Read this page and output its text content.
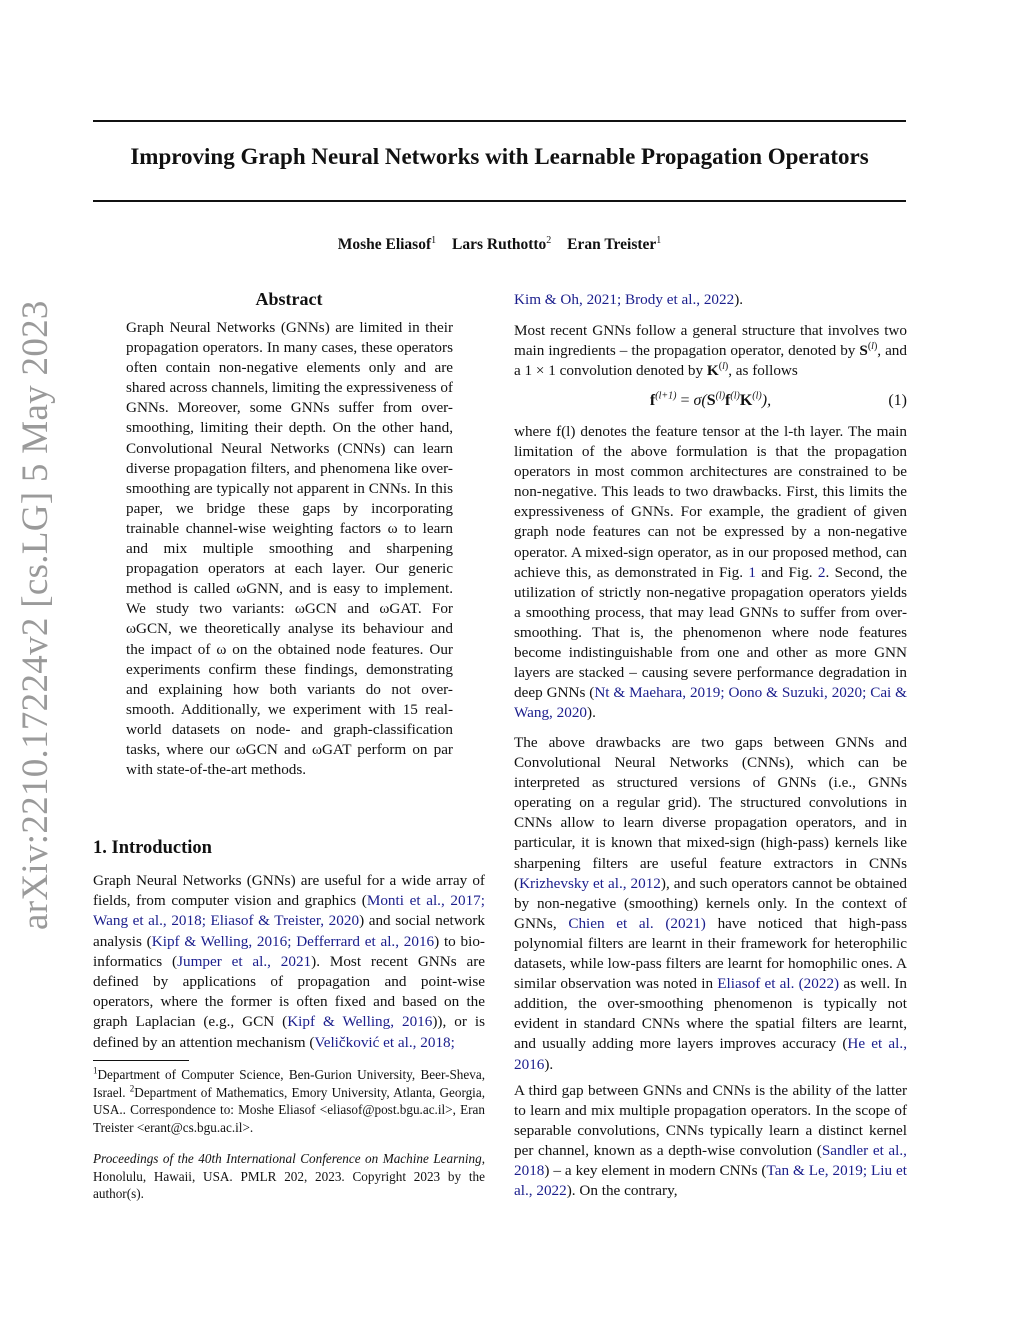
Improving Graph Neural Networks with Learnable Propagation Operators
Moshe Eliasof$^1$ Lars Ruthotto$^2$ Eran Treister$^1$
arXiv:2210.17224v2 [cs.LG] 5 May 2023
Abstract
Graph Neural Networks (GNNs) are limited in their propagation operators. In many cases, these operators often contain non-negative elements only and are shared across channels, limiting the expressiveness of GNNs. Moreover, some GNNs suffer from over-smoothing, limiting their depth. On the other hand, Convolutional Neural Networks (CNNs) can learn diverse propagation filters, and phenomena like over-smoothing are typically not apparent in CNNs. In this paper, we bridge these gaps by incorporating trainable channel-wise weighting factors ω to learn and mix multiple smoothing and sharpening propagation operators at each layer. Our generic method is called ωGNN, and is easy to implement. We study two variants: ωGCN and ωGAT. For ωGCN, we theoretically analyse its behaviour and the impact of ω on the obtained node features. Our experiments confirm these findings, demonstrating and explaining how both variants do not over-smooth. Additionally, we experiment with 15 real-world datasets on node- and graph-classification tasks, where our ωGCN and ωGAT perform on par with state-of-the-art methods.
1. Introduction
Graph Neural Networks (GNNs) are useful for a wide array of fields, from computer vision and graphics (Monti et al., 2017; Wang et al., 2018; Eliasof & Treister, 2020) and social network analysis (Kipf & Welling, 2016; Defferrard et al., 2016) to bio-informatics (Jumper et al., 2021). Most recent GNNs are defined by applications of propagation and point-wise operators, where the former is often fixed and based on the graph Laplacian (e.g., GCN (Kipf & Welling, 2016)), or is defined by an attention mechanism (Veličković et al., 2018;
$^1$Department of Computer Science, Ben-Gurion University, Beer-Sheva, Israel. $^2$Department of Mathematics, Emory University, Atlanta, Georgia, USA.. Correspondence to: Moshe Eliasof <eliasof@post.bgu.ac.il>, Eran Treister <erant@cs.bgu.ac.il>.
Proceedings of the 40th International Conference on Machine Learning, Honolulu, Hawaii, USA. PMLR 202, 2023. Copyright 2023 by the author(s).
Kim & Oh, 2021; Brody et al., 2022).
Most recent GNNs follow a general structure that involves two main ingredients – the propagation operator, denoted by $S^{(l)}$, and a 1 × 1 convolution denoted by $K^{(l)}$, as follows
$f^{(l+1)} = \sigma(S^{(l)}f^{(l)}K^{(l)})$,	(1)
where f(l) denotes the feature tensor at the l-th layer. The main limitation of the above formulation is that the propagation operators in most common architectures are constrained to be non-negative. This leads to two drawbacks. First, this limits the expressiveness of GNNs. For example, the gradient of given graph node features can not be expressed by a non-negative operator. A mixed-sign operator, as in our proposed method, can achieve this, as demonstrated in Fig. 1 and Fig. 2. Second, the utilization of strictly non-negative propagation operators yields a smoothing process, that may lead GNNs to suffer from over-smoothing. That is, the phenomenon where node features become indistinguishable from one and other as more GNN layers are stacked – causing severe performance degradation in deep GNNs (Nt & Maehara, 2019; Oono & Suzuki, 2020; Cai & Wang, 2020).
The above drawbacks are two gaps between GNNs and Convolutional Neural Networks (CNNs), which can be interpreted as structured versions of GNNs (i.e., GNNs operating on a regular grid). The structured convolutions in CNNs allow to learn diverse propagation operators, and in particular, it is known that mixed-sign (high-pass) kernels like sharpening filters are useful feature extractors in CNNs (Krizhevsky et al., 2012), and such operators cannot be obtained by non-negative (smoothing) kernels only. In the context of GNNs, Chien et al. (2021) have noticed that high-pass polynomial filters are learnt in their framework for heterophilic datasets, while low-pass filters are learnt for homophilic ones. A similar observation was noted in Eliasof et al. (2022) as well. In addition, the over-smoothing phenomenon is typically not evident in standard CNNs where the spatial filters are learnt, and usually adding more layers improves accuracy (He et al., 2016).
A third gap between GNNs and CNNs is the ability of the latter to learn and mix multiple propagation operators. In the scope of separable convolutions, CNNs typically learn a distinct kernel per channel, known as a depth-wise convolution (Sandler et al., 2018) – a key element in modern CNNs (Tan & Le, 2019; Liu et al., 2022). On the contrary,
